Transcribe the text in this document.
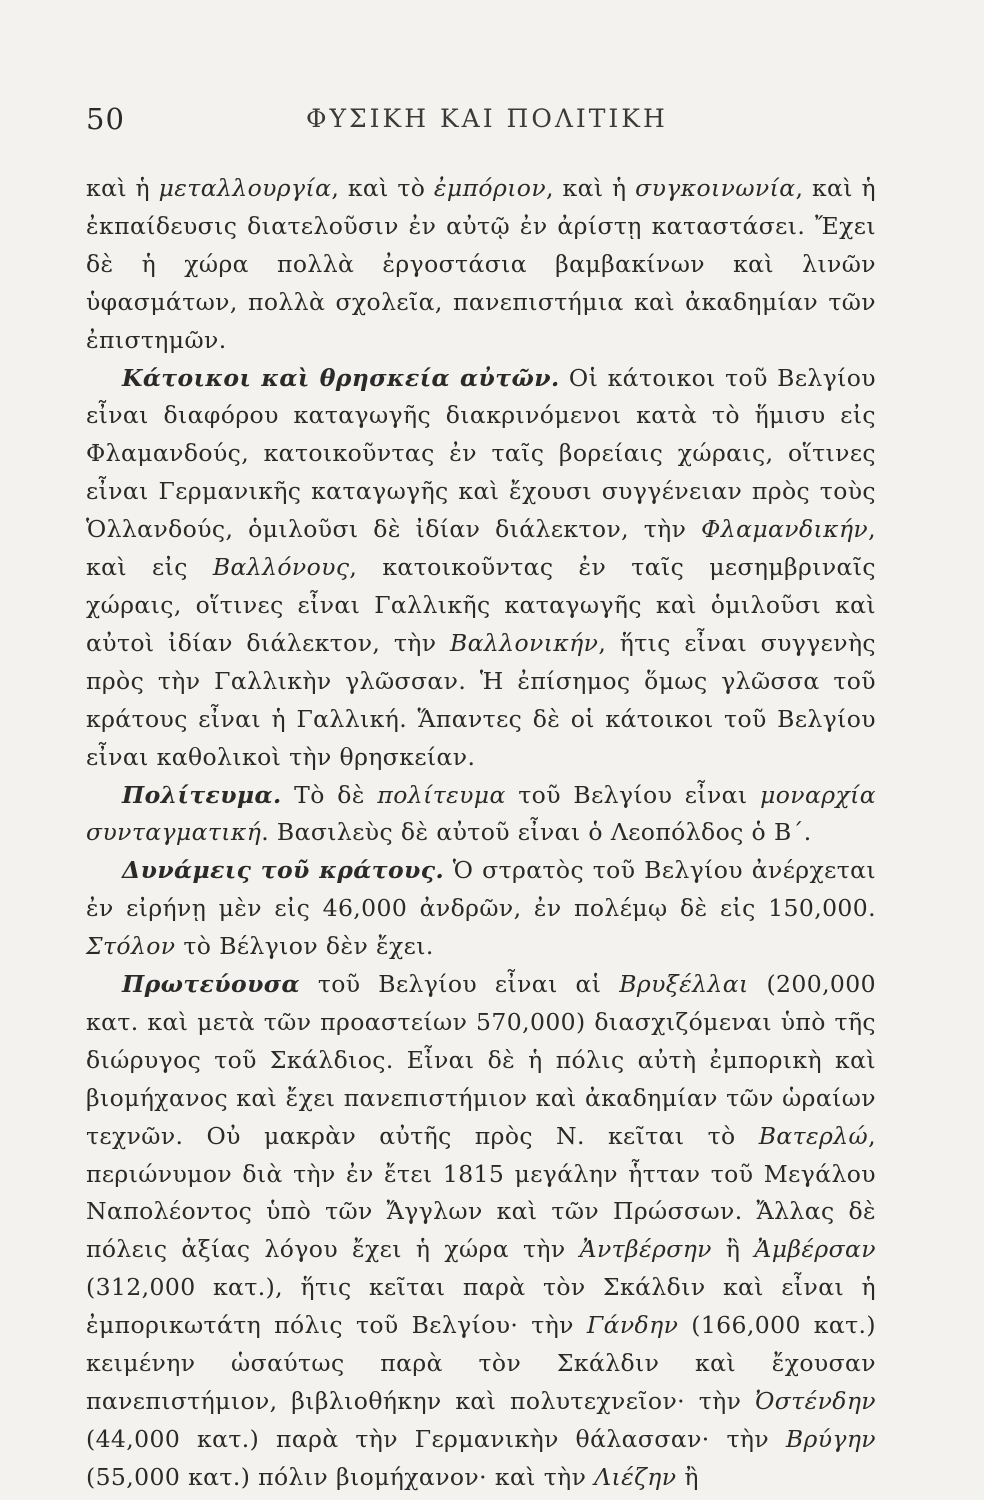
50	ΦΥΣΙΚΗ ΚΑΙ ΠΟΛΙΤΙΚΗ

καὶ ἡ μεταλλουργία, καὶ τὸ ἐμπόριον, καὶ ἡ συγκοινωνία, καὶ ἡ ἐκπαίδευσις διατελοῦσιν ἐν αὐτῷ ἐν ἀρίστῃ καταστάσει. Ἔχει δὲ ἡ χώρα πολλὰ ἐργοστάσια βαμβακίνων καὶ λινῶν ὑφασμάτων, πολλὰ σχολεῖα, πανεπιστήμια καὶ ἀκαδημίαν τῶν ἐπιστημῶν.

Κάτοικοι καὶ θρησκεία αὐτῶν. Οἱ κάτοικοι τοῦ Βελγίου εἶναι διαφόρου καταγωγῆς διακρινόμενοι κατὰ τὸ ἥμισυ εἰς Φλαμανδούς, κατοικοῦντας ἐν ταῖς βορείαις χώραις, οἵτινες εἶναι Γερμανικῆς καταγωγῆς καὶ ἔχουσι συγγένειαν πρὸς τοὺς Ὁλλανδούς, ὁμιλοῦσι δὲ ἰδίαν διάλεκτον, τὴν Φλαμανδικήν, καὶ εἰς Βαλλόνους, κατοικοῦντας ἐν ταῖς μεσημβριναῖς χώραις, οἵτινες εἶναι Γαλλικῆς καταγωγῆς καὶ ὁμιλοῦσι καὶ αὐτοὶ ἰδίαν διάλεκτον, τὴν Βαλλονικήν, ἥτις εἶναι συγγενὴς πρὸς τὴν Γαλλικὴν γλῶσσαν. Ἡ ἐπίσημος ὅμως γλῶσσα τοῦ κράτους εἶναι ἡ Γαλλική. Ἅπαντες δὲ οἱ κάτοικοι τοῦ Βελγίου εἶναι καθολικοὶ τὴν θρησκείαν.

Πολίτευμα. Τὸ δὲ πολίτευμα τοῦ Βελγίου εἶναι μοναρχία συνταγματική. Βασιλεὺς δὲ αὐτοῦ εἶναι ὁ Λεοπόλδος ὁ Β΄.

Δυνάμεις τοῦ κράτους. Ὁ στρατὸς τοῦ Βελγίου ἀνέρχεται ἐν εἰρήνῃ μὲν εἰς 46,000 ἀνδρῶν, ἐν πολέμῳ δὲ εἰς 150,000. Στόλον τὸ Βέλγιον δὲν ἔχει.

Πρωτεύουσα τοῦ Βελγίου εἶναι αἱ Βρυξέλλαι (200,000 κατ. καὶ μετὰ τῶν προαστείων 570,000) διασχιζόμεναι ὑπὸ τῆς διώρυγος τοῦ Σκάλδιος. Εἶναι δὲ ἡ πόλις αὐτὴ ἐμπορικὴ καὶ βιομήχανος καὶ ἔχει πανεπιστήμιον καὶ ἀκαδημίαν τῶν ὡραίων τεχνῶν. Οὐ μακρὰν αὐτῆς πρὸς Ν. κεῖται τὸ Βατερλώ, περιώνυμον διὰ τὴν ἐν ἔτει 1815 μεγάλην ἧτταν τοῦ Μεγάλου Ναπολέοντος ὑπὸ τῶν Ἄγγλων καὶ τῶν Πρώσσων. Ἄλλας δὲ πόλεις ἀξίας λόγου ἔχει ἡ χώρα τὴν Ἀντβέρσην ἢ Ἀμβέρσαν (312,000 κατ.), ἥτις κεῖται παρὰ τὸν Σκάλδιν καὶ εἶναι ἡ ἐμπορικωτάτη πόλις τοῦ Βελγίου· τὴν Γάνδην (166,000 κατ.) κειμένην ὡσαύτως παρὰ τὸν Σκάλδιν καὶ ἔχουσαν πανεπιστήμιον, βιβλιοθήκην καὶ πολυτεχνεῖον· τὴν Ὀστένδην (44,000 κατ.) παρὰ τὴν Γερμανικὴν θάλασσαν· τὴν Βρύγην (55,000 κατ.) πόλιν βιομήχανον· καὶ τὴν Λιέζην ἢ
